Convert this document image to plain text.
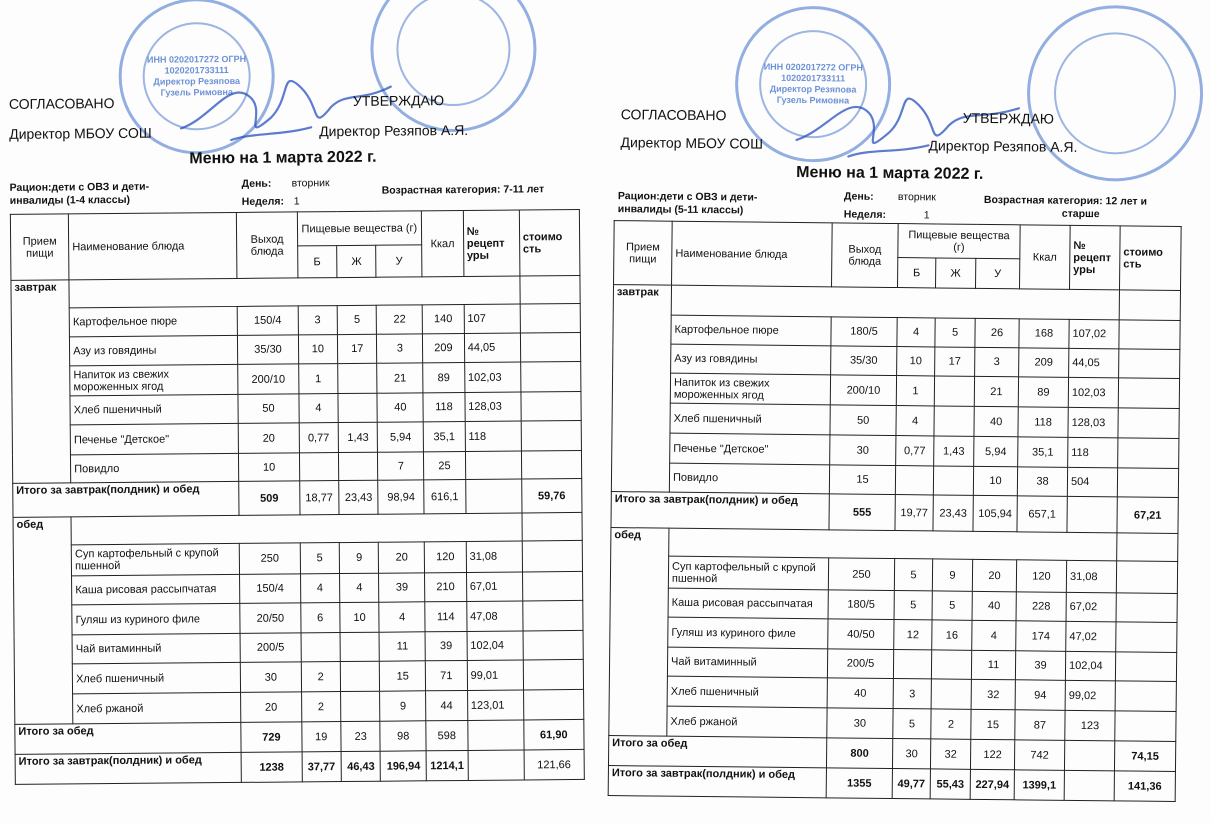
ИНН 0202017272 ОГРН 1020201733111 Директор Резяпова Гузель Римовна
СОГЛАСОВАНО	УТВЕРЖДАЮ
Директор МБОУ СОШ	Директор Резяпов А.Я.
Меню на 1 марта 2022 г.
Рацион:дети с ОВЗ и дети-
инвалиды (1-4 классы)
День: вторник
Неделя: 1
Возрастная категория: 7-11 лет
Прием пищи	Наименование блюда	Выход блюда	Пищевые вещества (г)			Ккал	№ рецепт уры	стоимо сть
			Б	Ж	У			
завтрак								
	Картофельное пюре	150/4	3	5	22	140	107	
	Азу из говядины	35/30	10	17	3	209	44,05	
	Напиток из свежих мороженных ягод	200/10	1		21	89	102,03	
	Хлеб пшеничный	50	4		40	118	128,03	
	Печенье "Детское"	20	0,77	1,43	5,94	35,1	118	
	Повидло	10			7	25		
Итого за завтрак(полдник) и обед		509	18,77	23,43	98,94	616,1		59,76
обед								
	Суп картофельный с крупой пшенной	250	5	9	20	120	31,08	
	Каша рисовая рассыпчатая	150/4	4	4	39	210	67,01	
	Гуляш из куриного филе	20/50	6	10	4	114	47,08	
	Чай витаминный	200/5			11	39	102,04	
	Хлеб пшеничный	30	2		15	71	99,01	
	Хлеб ржаной	20	2		9	44	123,01	
Итого за обед		729	19	23	98	598		61,90
Итого за завтрак(полдник) и обед		1238	37,77	46,43	196,94	1214,1		121,66
ИНН 0202017272 ОГРН 1020201733111 Директор Резяпова Гузель Римовна
СОГЛАСОВАНО	УТВЕРЖДАЮ
Директор МБОУ СОШ	Директор Резяпов А.Я.
Меню на 1 марта 2022 г.
Рацион:дети с ОВЗ и дети-
инвалиды (5-11 классы)
День: вторник
Неделя:	1
Возрастная категория: 12 лет и
старше
Прием пищи	Наименование блюда	Выход блюда	Пищевые вещества (г)			Ккал	№ рецепт уры	стоимо сть
			Б	Ж	У			
завтрак								
	Картофельное пюре	180/5	4	5	26	168	107,02	
	Азу из говядины	35/30	10	17	3	209	44,05	
	Напиток из свежих мороженных ягод	200/10	1		21	89	102,03	
	Хлеб пшеничный	50	4		40	118	128,03	
	Печенье "Детское"	30	0,77	1,43	5,94	35,1	118	
	Повидло	15			10	38	504	
Итого за завтрак(полдник) и обед		555	19,77	23,43	105,94	657,1		67,21
обед								
	Суп картофельный с крупой пшенной	250	5	9	20	120	31,08	
	Каша рисовая рассыпчатая	180/5	5	5	40	228	67,02	
	Гуляш из куриного филе	40/50	12	16	4	174	47,02	
	Чай витаминный	200/5			11	39	102,04	
	Хлеб пшеничный	40	3		32	94	99,02	
	Хлеб ржаной	30	5	2	15	87	123	
Итого за обед		800	30	32	122	742		74,15
Итого за завтрак(полдник) и обед		1355	49,77	55,43	227,94	1399,1		141,36
